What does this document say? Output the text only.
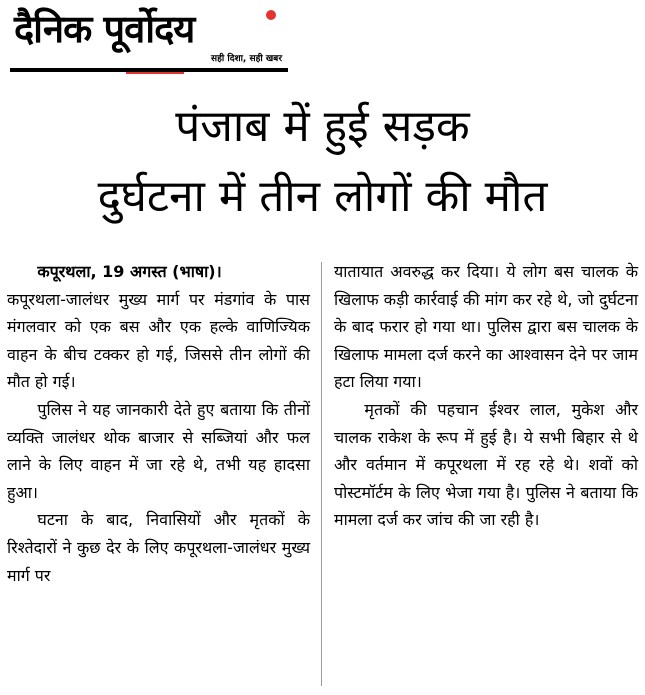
दैनिक पूर्वोदय
सही दिशा, सही खबर
पंजाब में हुई सड़क
दुर्घटना में तीन लोगों की मौत

कपूरथला, 19 अगस्त (भाषा)।

कपूरथला-जालंधर मुख्य मार्ग पर मंडगांव के पास मंगलवार को एक बस और एक हल्के वाणिज्यिक वाहन के बीच टक्कर हो गई, जिससे तीन लोगों की मौत हो गई।

पुलिस ने यह जानकारी देते हुए बताया कि तीनों व्यक्ति जालंधर थोक बाजार से सब्जियां और फल लाने के लिए वाहन में जा रहे थे, तभी यह हादसा हुआ।

घटना के बाद, निवासियों और मृतकों के रिश्तेदारों ने कुछ देर के लिए कपूरथला-जालंधर मुख्य मार्ग पर

यातायात अवरुद्ध कर दिया। ये लोग बस चालक के खिलाफ कड़ी कार्रवाई की मांग कर रहे थे, जो दुर्घटना के बाद फरार हो गया था। पुलिस द्वारा बस चालक के खिलाफ मामला दर्ज करने का आश्वासन देने पर जाम हटा लिया गया।

मृतकों की पहचान ईश्वर लाल, मुकेश और चालक राकेश के रूप में हुई है। ये सभी बिहार से थे और वर्तमान में कपूरथला में रह रहे थे। शवों को पोस्टमॉर्टम के लिए भेजा गया है। पुलिस ने बताया कि मामला दर्ज कर जांच की जा रही है।
